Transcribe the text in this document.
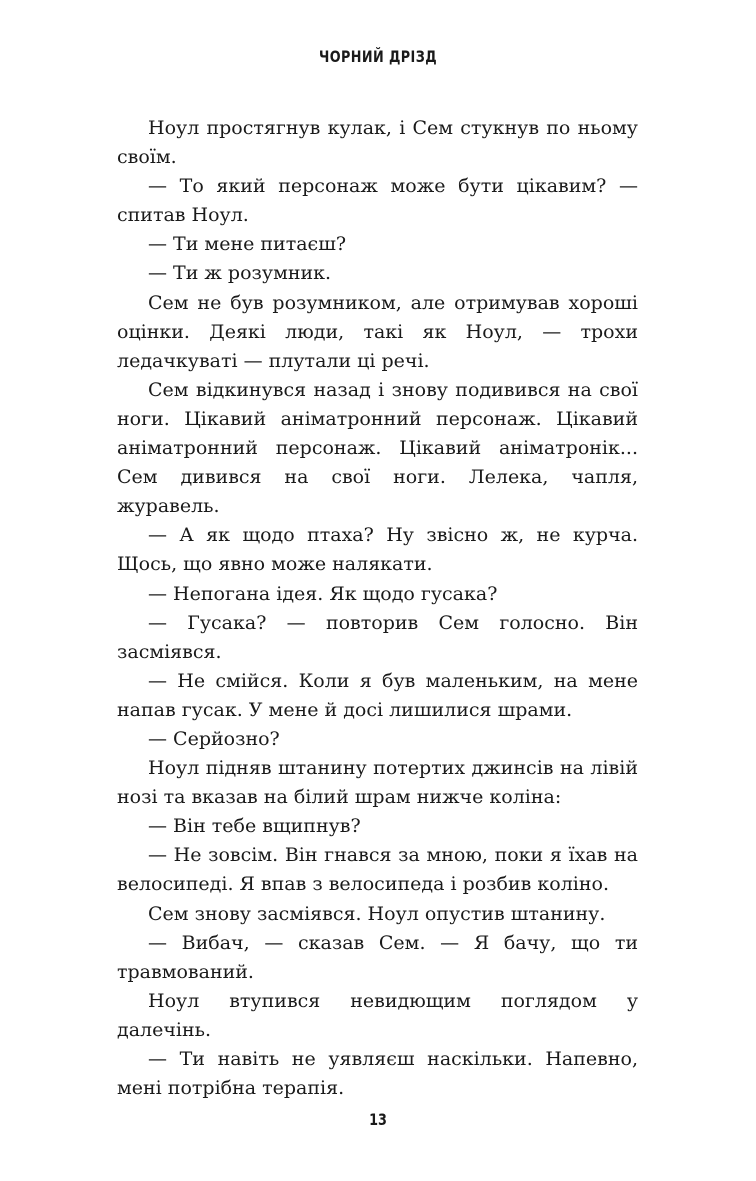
ЧОРНИЙ ДРІЗД

Ноул простягнув кулак, і Сем стукнув по ньому своїм.

— То який персонаж може бути цікавим? — спитав Ноул.

— Ти мене питаєш?

— Ти ж розумник.

Сем не був розумником, але отримував хороші оцінки. Деякі люди, такі як Ноул, — трохи ледачкуваті — плутали ці речі.

Сем відкинувся назад і знову подивився на свої ноги. Цікавий аніматронний персонаж. Цікавий аніматронний персонаж. Цікавий аніматронік... Сем дивився на свої ноги. Лелека, чапля, журавель.

— А як щодо птаха? Ну звісно ж, не курча. Щось, що явно може налякати.

— Непогана ідея. Як щодо гусака?

— Гусака? — повторив Сем голосно. Він засміявся.

— Не смійся. Коли я був маленьким, на мене напав гусак. У мене й досі лишилися шрами.

— Серйозно?

Ноул підняв штанину потертих джинсів на лівій нозі та вказав на білий шрам нижче коліна:

— Він тебе вщипнув?

— Не зовсім. Він гнався за мною, поки я їхав на велосипеді. Я впав з велосипеда і розбив коліно.

Сем знову засміявся. Ноул опустив штанину.

— Вибач, — сказав Сем. — Я бачу, що ти травмований.

Ноул втупився невидющим поглядом у далечінь.

— Ти навіть не уявляєш наскільки. Напевно, мені потрібна терапія.

13
